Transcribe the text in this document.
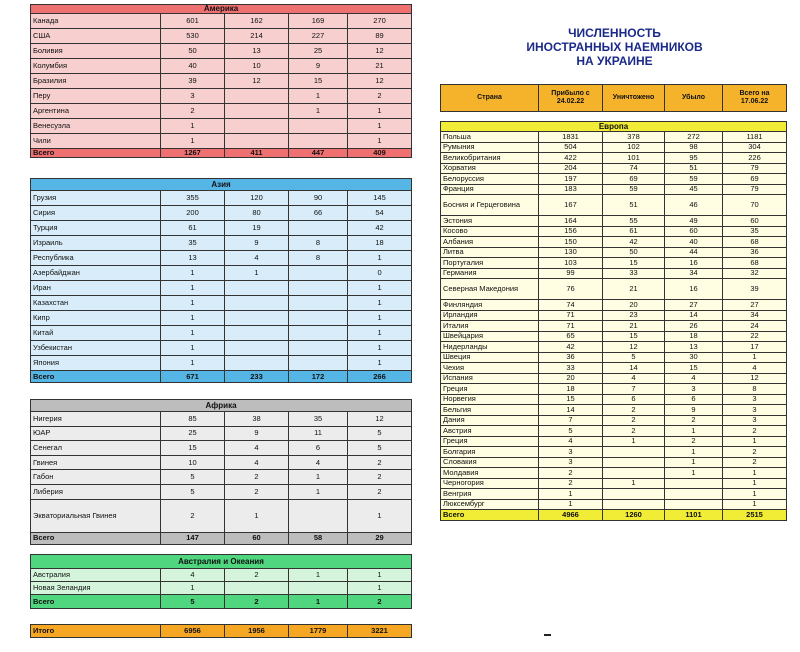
ЧИСЛЕННОСТЬ
ИНОСТРАННЫХ НАЕМНИКОВ
НА УКРАИНЕ
Америка				
Канада	601	162	169	270
США	530	214	227	89
Боливия	50	13	25	12
Колумбия	40	10	9	21
Бразилия	39	12	15	12
Перу	3		1	2
Аргентина	2		1	1
Венесуэла	1			1
Чили	1			1
Всего	1267	411	447	409
Азия				
Грузия	355	120	90	145
Сирия	200	80	66	54
Турция	61	19		42
Израиль	35	9	8	18
Республика	13	4	8	1
Азербайджан	1	1		0
Иран	1			1
Казахстан	1			1
Кипр	1			1
Китай	1			1
Узбекистан	1			1
Япония	1			1
Всего	671	233	172	266
Африка				
Нигерия	85	38	35	12
ЮАР	25	9	11	5
Сенегал	15	4	6	5
Гвинея	10	4	4	2
Габон	5	2	1	2
Либерия	5	2	1	2
Экваториальная Гвинея	2	1		1
Всего	147	60	58	29
Австралия и Океания				
Австралия	4	2	1	1
Новая Зеландия	1			1
Всего	5	2	1	2
Итого	6956	1956	1779	3221
Страна	Прибыло с 24.02.22	Уничтожено	Убыло	Всего на 17.06.22
Европа				
Польша	1831	378	272	1181
Румыния	504	102	98	304
Великобритания	422	101	95	226
Хорватия	204	74	51	79
Белоруссия	197	69	59	69
Франция	183	59	45	79
Босния и Герцеговина	167	51	46	70
Эстония	164	55	49	60
Косово	156	61	60	35
Албания	150	42	40	68
Литва	130	50	44	36
Португалия	103	15	16	68
Германия	99	33	34	32
Северная Македония	76	21	16	39
Финляндия	74	20	27	27
Ирландия	71	23	14	34
Италия	71	21	26	24
Швейцария	65	15	18	22
Нидерланды	42	12	13	17
Швеция	36	5	30	1
Чехия	33	14	15	4
Испания	20	4	4	12
Греция	18	7	3	8
Норвегия	15	6	6	3
Бельгия	14	2	9	3
Дания	7	2	2	3
Австрия	5	2	1	2
Греция	4	1	2	1
Болгария	3		1	2
Словакия	3		1	2
Молдавия	2		1	1
Черногория	2	1		1
Венгрия	1			1
Люксембург	1			1
Всего	4966	1260	1101	2515
